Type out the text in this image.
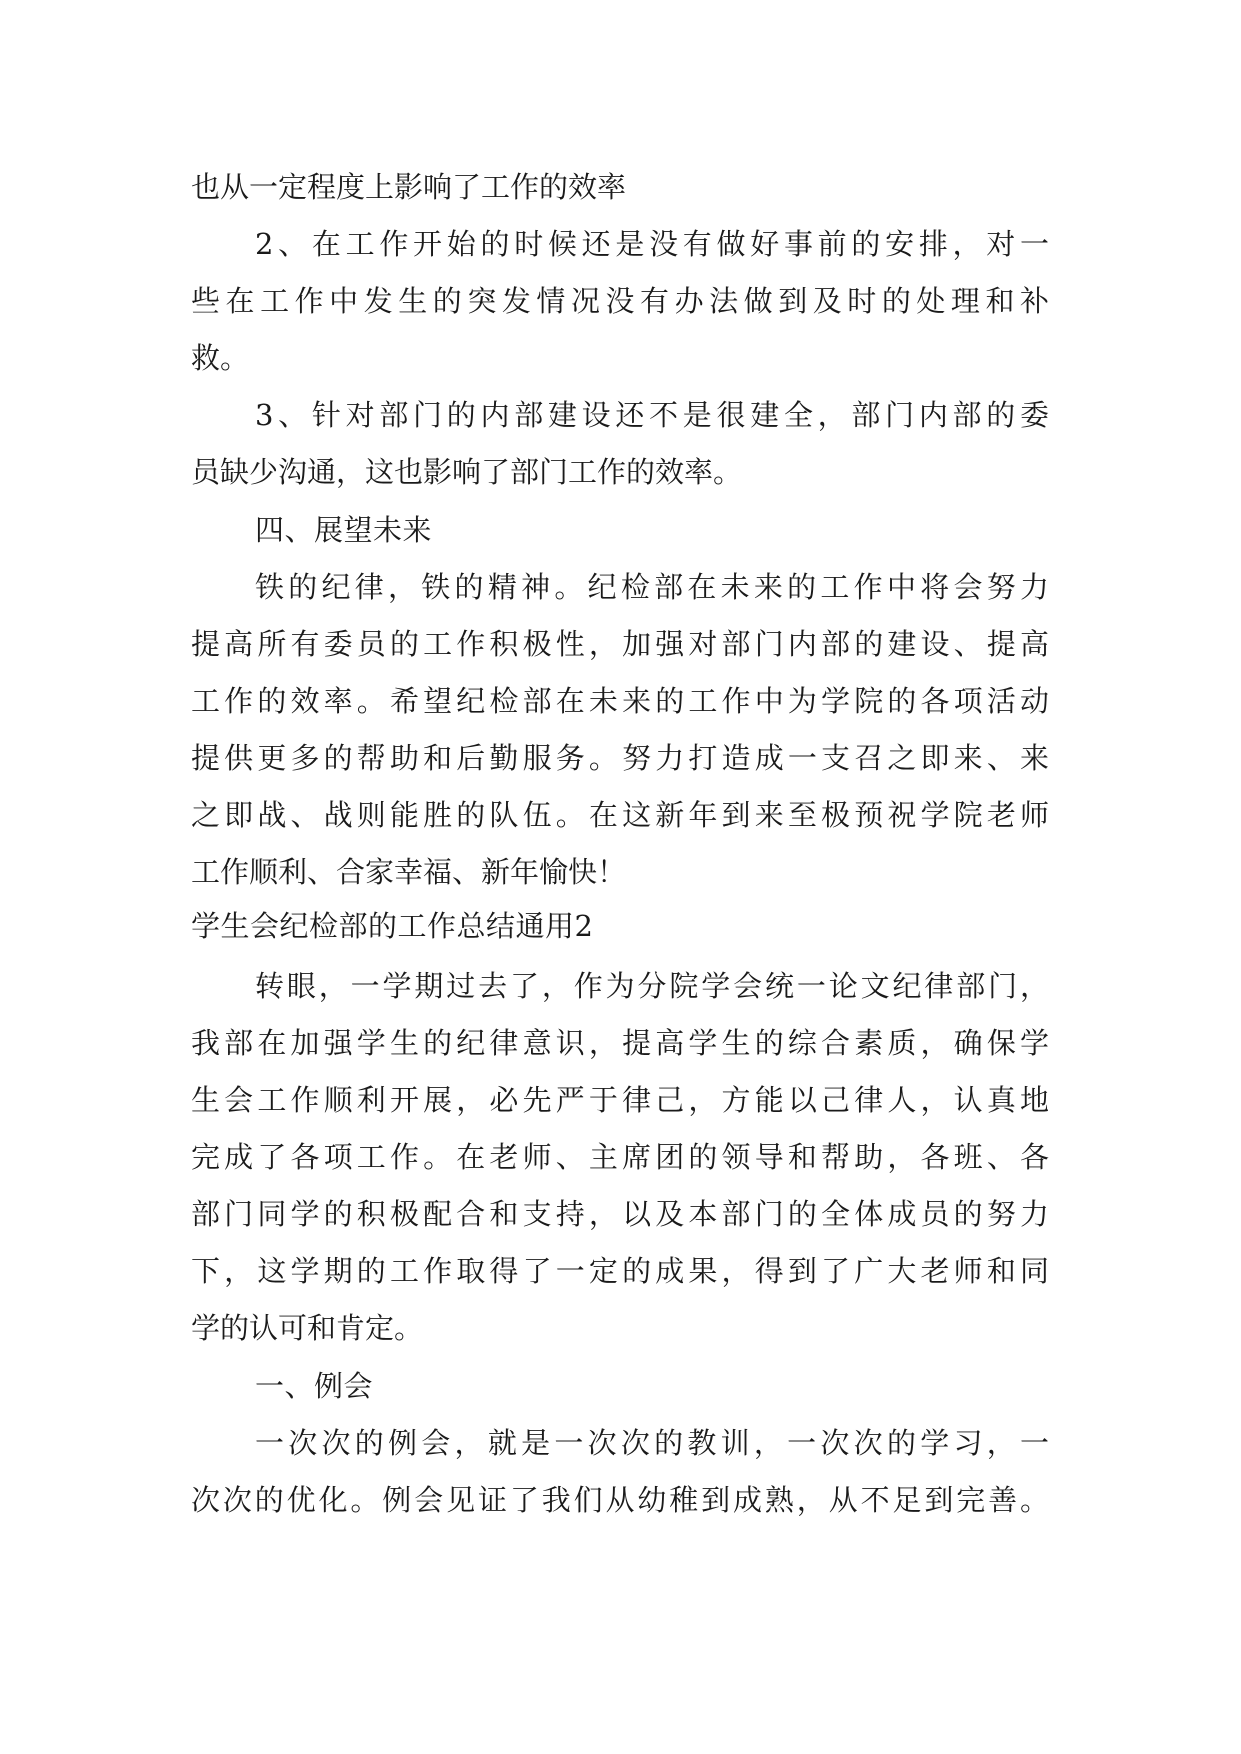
也从一定程度上影响了工作的效率
2、在工作开始的时候还是没有做好事前的安排，对一
些在工作中发生的突发情况没有办法做到及时的处理和补
救。
3、针对部门的内部建设还不是很建全，部门内部的委
员缺少沟通，这也影响了部门工作的效率。
四、展望未来
铁的纪律，铁的精神。纪检部在未来的工作中将会努力
提高所有委员的工作积极性，加强对部门内部的建设、提高
工作的效率。希望纪检部在未来的工作中为学院的各项活动
提供更多的帮助和后勤服务。努力打造成一支召之即来、来
之即战、战则能胜的队伍。在这新年到来至极预祝学院老师
工作顺利、合家幸福、新年愉快！
学生会纪检部的工作总结通用2
转眼，一学期过去了，作为分院学会统一论文纪律部门，
我部在加强学生的纪律意识，提高学生的综合素质，确保学
生会工作顺利开展，必先严于律己，方能以己律人，认真地
完成了各项工作。在老师、主席团的领导和帮助，各班、各
部门同学的积极配合和支持，以及本部门的全体成员的努力
下，这学期的工作取得了一定的成果，得到了广大老师和同
学的认可和肯定。
一、例会
一次次的例会，就是一次次的教训，一次次的学习，一
次次的优化。例会见证了我们从幼稚到成熟，从不足到完善。
